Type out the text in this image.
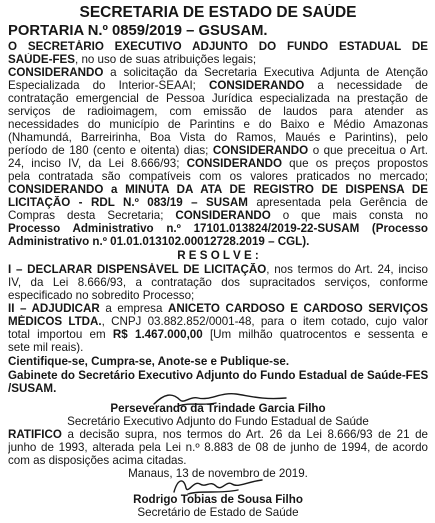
SECRETARIA DE ESTADO DE SAÚDE
PORTARIA N.º 0859/2019 – GSUSAM.
O SECRETÁRIO EXECUTIVO ADJUNTO DO FUNDO ESTADUAL DE
SAÚDE-FES, no uso de suas atribuições legais;
CONSIDERANDO a solicitação da Secretaria Executiva Adjunta de Atenção
Especializada do Interior-SEAAI; CONSIDERANDO a necessidade de
contratação emergencial de Pessoa Jurídica especializada na prestação de
serviços de radioimagem, com emissão de laudos para atender as
necessidades do município de Parintins e do Baixo e Médio Amazonas
(Nhamundá, Barreirinha, Boa Vista do Ramos, Maués e Parintins), pelo
período de 180 (cento e oitenta) dias; CONSIDERANDO o que preceitua o Art.
24, inciso IV, da Lei 8.666/93; CONSIDERANDO que os preços propostos
pela contratada são compatíveis com os valores praticados no mercado;
CONSIDERANDO a MINUTA DA ATA DE REGISTRO DE DISPENSA DE
LICITAÇÃO - RDL N.º 083/19 – SUSAM apresentada pela Gerência de
Compras desta Secretaria; CONSIDERANDO o que mais consta no
Processo Administrativo n.º 17101.013824/2019-22-SUSAM (Processo
Administrativo n.º 01.01.013102.00012728.2019 – CGL).
R E S O L V E :
I – DECLARAR DISPENSÁVEL DE LICITAÇÃO, nos termos do Art. 24, inciso
IV, da Lei 8.666/93, a contratação dos supracitados serviços, conforme
especificado no sobredito Processo;
II – ADJUDICAR a empresa ANICETO CARDOSO E CARDOSO SERVIÇOS
MÉDICOS LTDA., CNPJ 03.882.852/0001-48, para o item cotado, cujo valor
total importou em R$ 1.467.000,00 [Um milhão quatrocentos e sessenta e
sete mil reais).
Cientifique-se, Cumpra-se, Anote-se e Publique-se.
Gabinete do Secretário Executivo Adjunto do Fundo Estadual de Saúde-FES
/SUSAM.
Perseverando da Trindade Garcia Filho
Secretário Executivo Adjunto do Fundo Estadual de Saúde
RATIFICO a decisão supra, nos termos do Art. 26 da Lei 8.666/93 de 21 de
junho de 1993, alterada pela Lei n.º 8.883 de 08 de junho de 1994, de acordo
com as disposições acima citadas.
Manaus, 13 de novembro de 2019.
Rodrigo Tobias de Sousa Filho
Secretário de Estado de Saúde
